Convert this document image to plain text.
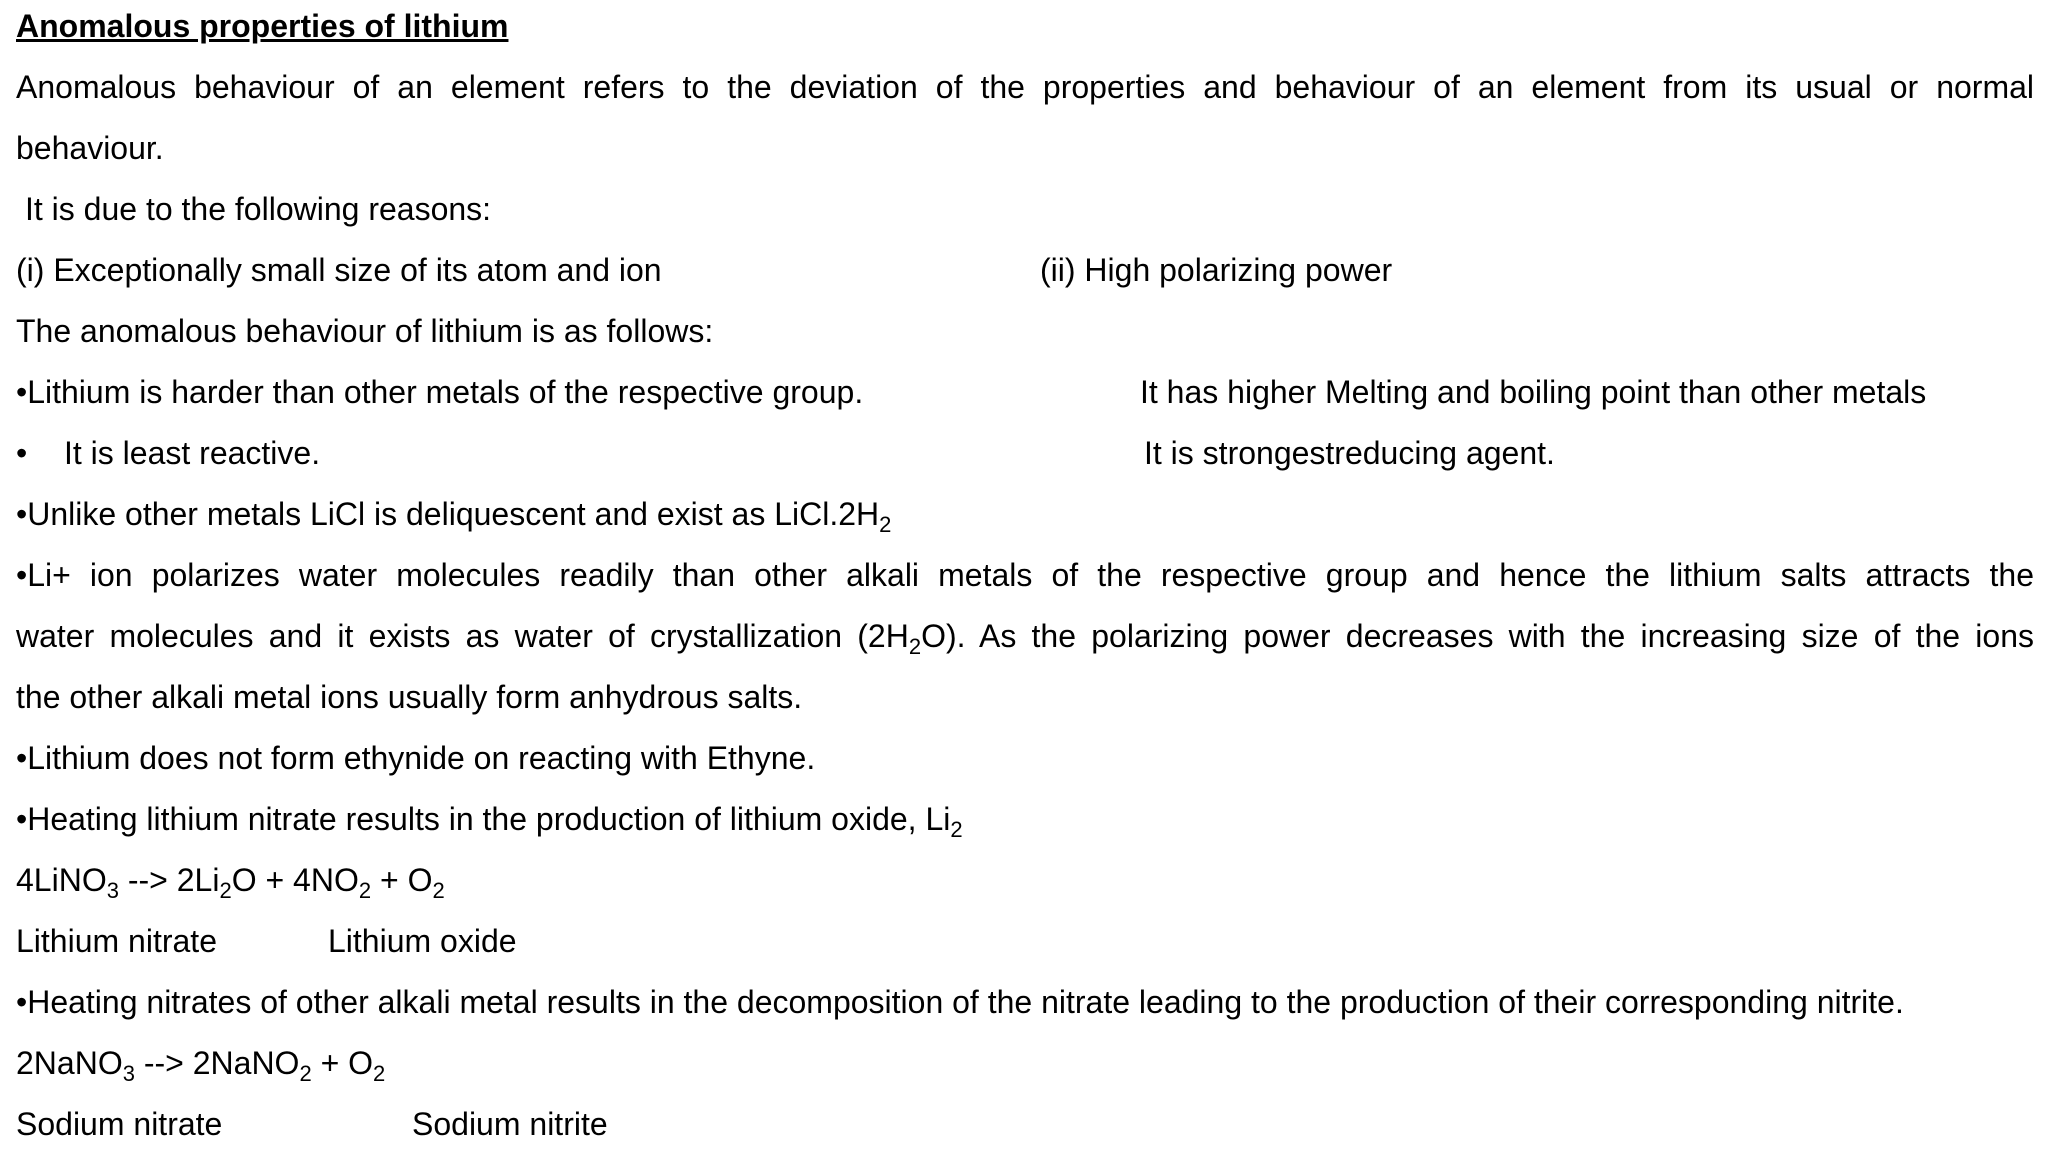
Anomalous properties of lithium
Anomalous behaviour of an element refers to the deviation of the properties and behaviour of an element from its usual or normal
behaviour.
It is due to the following reasons:
(i) Exceptionally small size of its atom and ion	(ii) High polarizing power
The anomalous behaviour of lithium is as follows:
•Lithium is harder than other metals of the respective group.	It has higher Melting and boiling point than other metals
• It is least reactive.	It is strongestreducing agent.
•Unlike other metals LiCl is deliquescent and exist as $LiCl.2H_2$
•Li+ ion polarizes water molecules readily than other alkali metals of the respective group and hence the lithium salts attracts the
water molecules and it exists as water of crystallization $(2H_2O)$. As the polarizing power decreases with the increasing size of the ions
the other alkali metal ions usually form anhydrous salts.
•Lithium does not form ethynide on reacting with Ethyne.
•Heating lithium nitrate results in the production of lithium oxide, $Li_2$
4LiNO$_3$ --> $2Li_2O + 4NO_2 + O_2$
Lithium nitrate	Lithium oxide
•Heating nitrates of other alkali metal results in the decomposition of the nitrate leading to the production of their corresponding nitrite.
2NaNO$_3$ --> 2NaNO$_2$ + $O_2$
Sodium nitrate	Sodium nitrite
